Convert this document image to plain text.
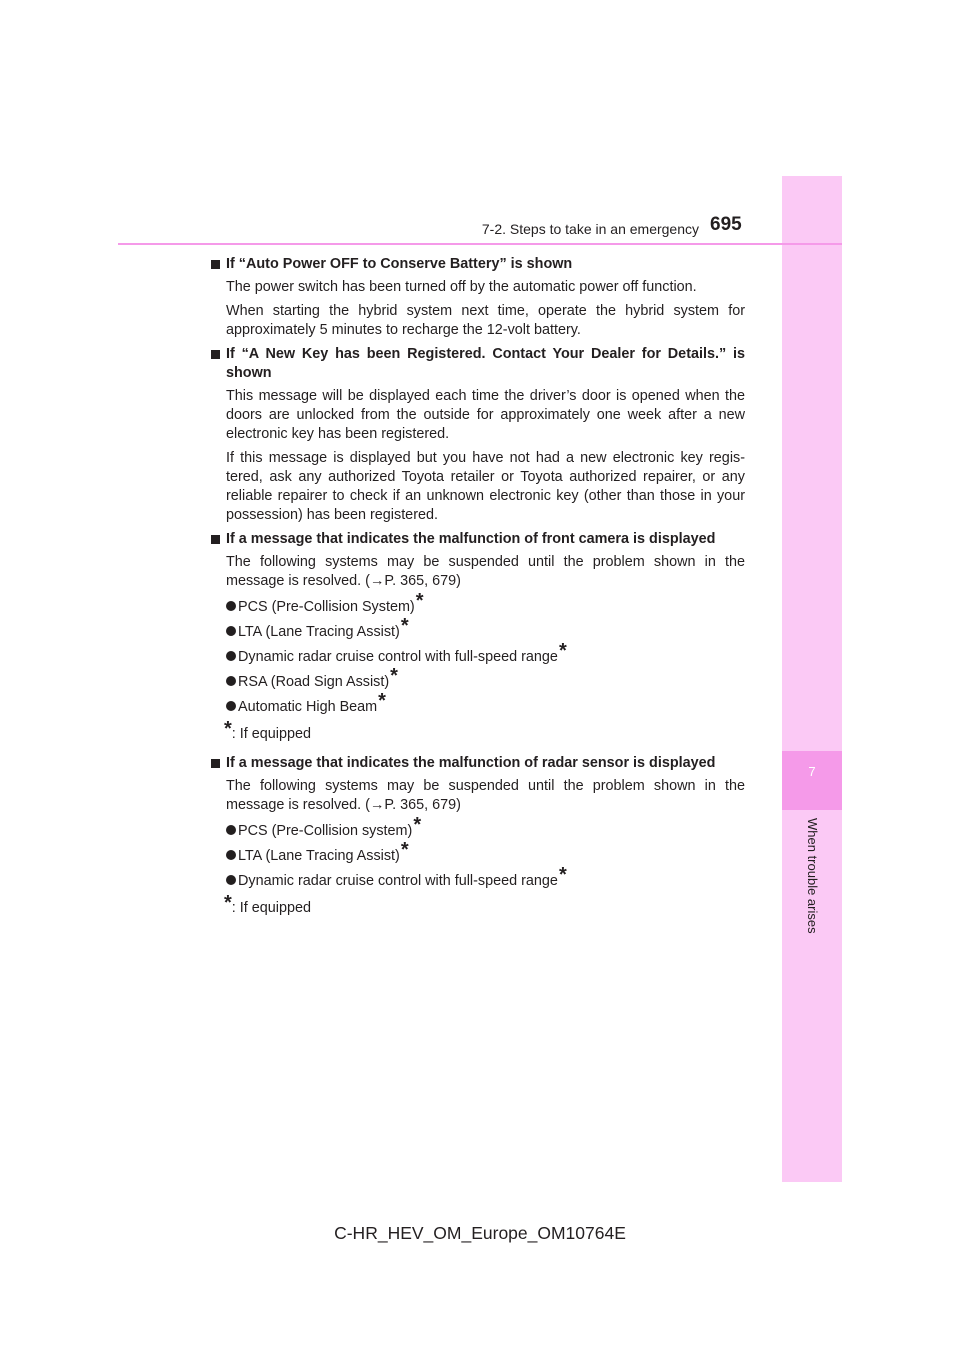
7
When trouble arises
7-2. Steps to take in an emergency 695
If “Auto Power OFF to Conserve Battery” is shown
The power switch has been turned off by the automatic power off function.
When starting the hybrid system next time, operate the hybrid system for approximately 5 minutes to recharge the 12-volt battery.
If “A New Key has been Registered. Contact Your Dealer for Details.” is shown
This message will be displayed each time the driver’s door is opened when the doors are unlocked from the outside for approximately one week after a new electronic key has been registered.
If this message is displayed but you have not had a new electronic key regis-tered, ask any authorized Toyota retailer or Toyota authorized repairer, or any reliable repairer to check if an unknown electronic key (other than those in your possession) has been registered.
If a message that indicates the malfunction of front camera is displayed
The following systems may be suspended until the problem shown in the message is resolved. (→P. 365, 679)
PCS (Pre-Collision System)*
LTA (Lane Tracing Assist)*
Dynamic radar cruise control with full-speed range*
RSA (Road Sign Assist)*
Automatic High Beam*
*: If equipped
If a message that indicates the malfunction of radar sensor is displayed
The following systems may be suspended until the problem shown in the message is resolved. (→P. 365, 679)
PCS (Pre-Collision system)*
LTA (Lane Tracing Assist)*
Dynamic radar cruise control with full-speed range*
*: If equipped
C-HR_HEV_OM_Europe_OM10764E
